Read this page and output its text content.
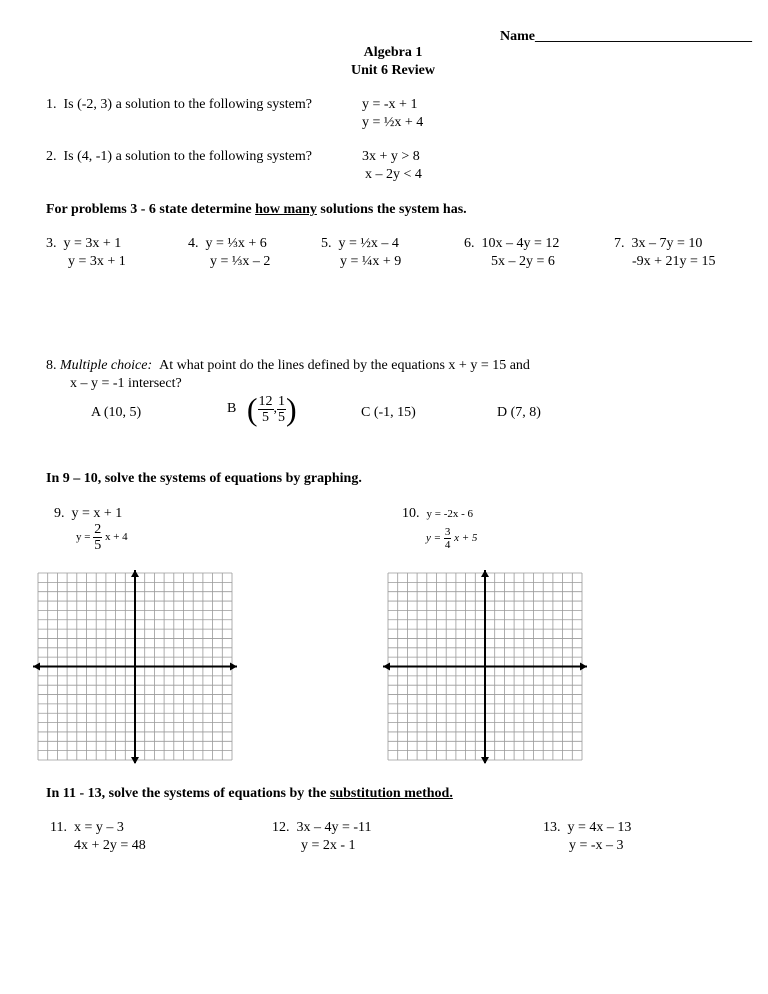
Name_______________________________
Algebra 1
Unit 6 Review
1. Is (-2, 3) a solution to the following system?	y = -x + 1
y = ½x + 4
2. Is (4, -1) a solution to the following system?	3x + y > 8
x – 2y < 4
For problems 3 - 6 state determine how many solutions the system has.
3. y = 3x + 1
y = 3x + 1
4. y = ⅓x + 6
y = ⅓x – 2
5. y = ½x – 4
y = ¼x + 9
6. 10x – 4y = 12
5x – 2y = 6
7. 3x – 7y = 10
-9x + 21y = 15
8. Multiple choice: At what point do the lines defined by the equations x + y = 15 and
x – y = -1 intersect?
A (10, 5)	B ( $\frac{12}{5}$ , $\frac{1}{5}$ )	C (-1, 15)	D (7, 8)
In 9 – 10, solve the systems of equations by graphing.
9. y = x + 1
$y = \frac{2}{5}$ x + 4
10. y = -2x - 6
$y = \frac{3}{4}$ x + 5
In 11 - 13, solve the systems of equations by the substitution method.
11. x = y – 3
4x + 2y = 48
12. 3x – 4y = -11
y = 2x - 1
13. y = 4x – 13
y = -x – 3
